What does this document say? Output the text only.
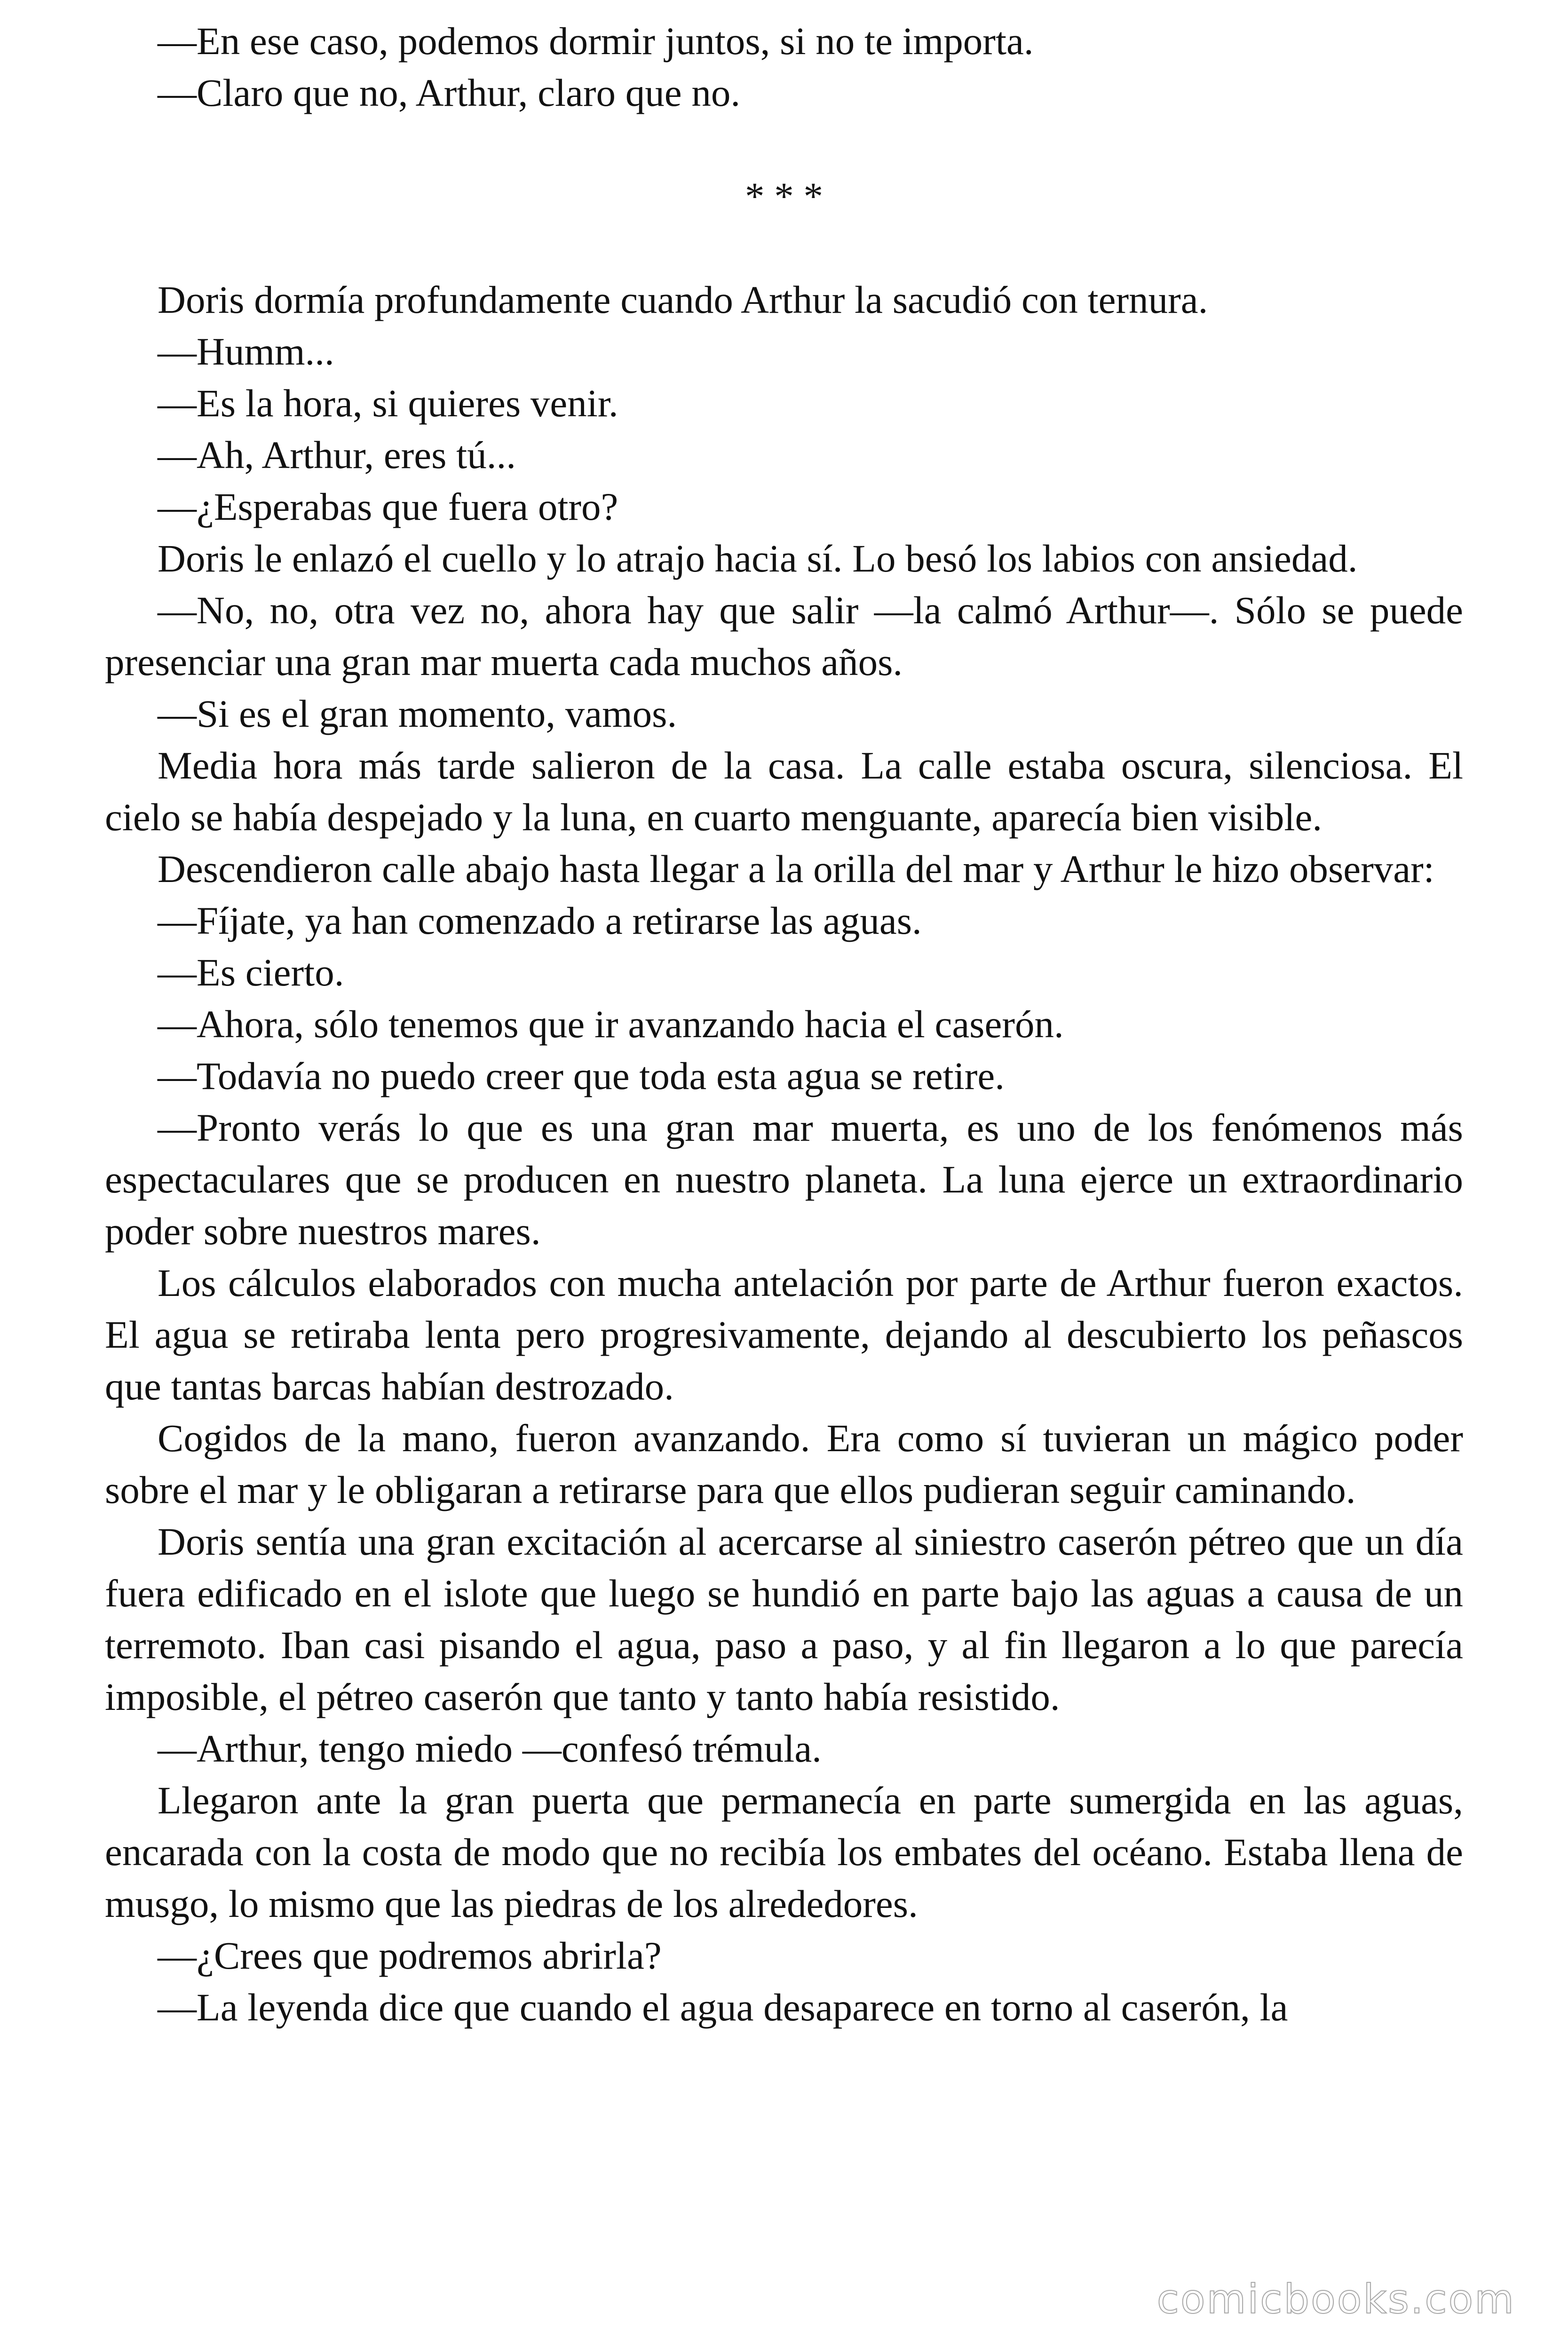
—En ese caso, podemos dormir juntos, si no te importa.

—Claro que no, Arthur, claro que no.

* * *

Doris dormía profundamente cuando Arthur la sacudió con ternura.

—Humm...

—Es la hora, si quieres venir.

—Ah, Arthur, eres tú...

—¿Esperabas que fuera otro?

Doris le enlazó el cuello y lo atrajo hacia sí. Lo besó los labios con ansiedad.

—No, no, otra vez no, ahora hay que salir —la calmó Arthur—. Sólo se puede presenciar una gran mar muerta cada muchos años.

—Si es el gran momento, vamos.

Media hora más tarde salieron de la casa. La calle estaba oscura, silenciosa. El cielo se había despejado y la luna, en cuarto menguante, aparecía bien visible.

Descendieron calle abajo hasta llegar a la orilla del mar y Arthur le hizo observar:

—Fíjate, ya han comenzado a retirarse las aguas.

—Es cierto.

—Ahora, sólo tenemos que ir avanzando hacia el caserón.

—Todavía no puedo creer que toda esta agua se retire.

—Pronto verás lo que es una gran mar muerta, es uno de los fenómenos más espectaculares que se producen en nuestro planeta. La luna ejerce un extraordinario poder sobre nuestros mares.

Los cálculos elaborados con mucha antelación por parte de Arthur fueron exactos. El agua se retiraba lenta pero progresivamente, dejando al descubierto los peñascos que tantas barcas habían destrozado.

Cogidos de la mano, fueron avanzando. Era como sí tuvieran un mágico poder sobre el mar y le obligaran a retirarse para que ellos pudieran seguir caminando.

Doris sentía una gran excitación al acercarse al siniestro caserón pétreo que un día fuera edificado en el islote que luego se hundió en parte bajo las aguas a causa de un terremoto. Iban casi pisando el agua, paso a paso, y al fin llegaron a lo que parecía imposible, el pétreo caserón que tanto y tanto había resistido.

—Arthur, tengo miedo —confesó trémula.

Llegaron ante la gran puerta que permanecía en parte sumergida en las aguas, encarada con la costa de modo que no recibía los embates del océano. Estaba llena de musgo, lo mismo que las piedras de los alrededores.

—¿Crees que podremos abrirla?

—La leyenda dice que cuando el agua desaparece en torno al caserón, la

comicbooks.com
